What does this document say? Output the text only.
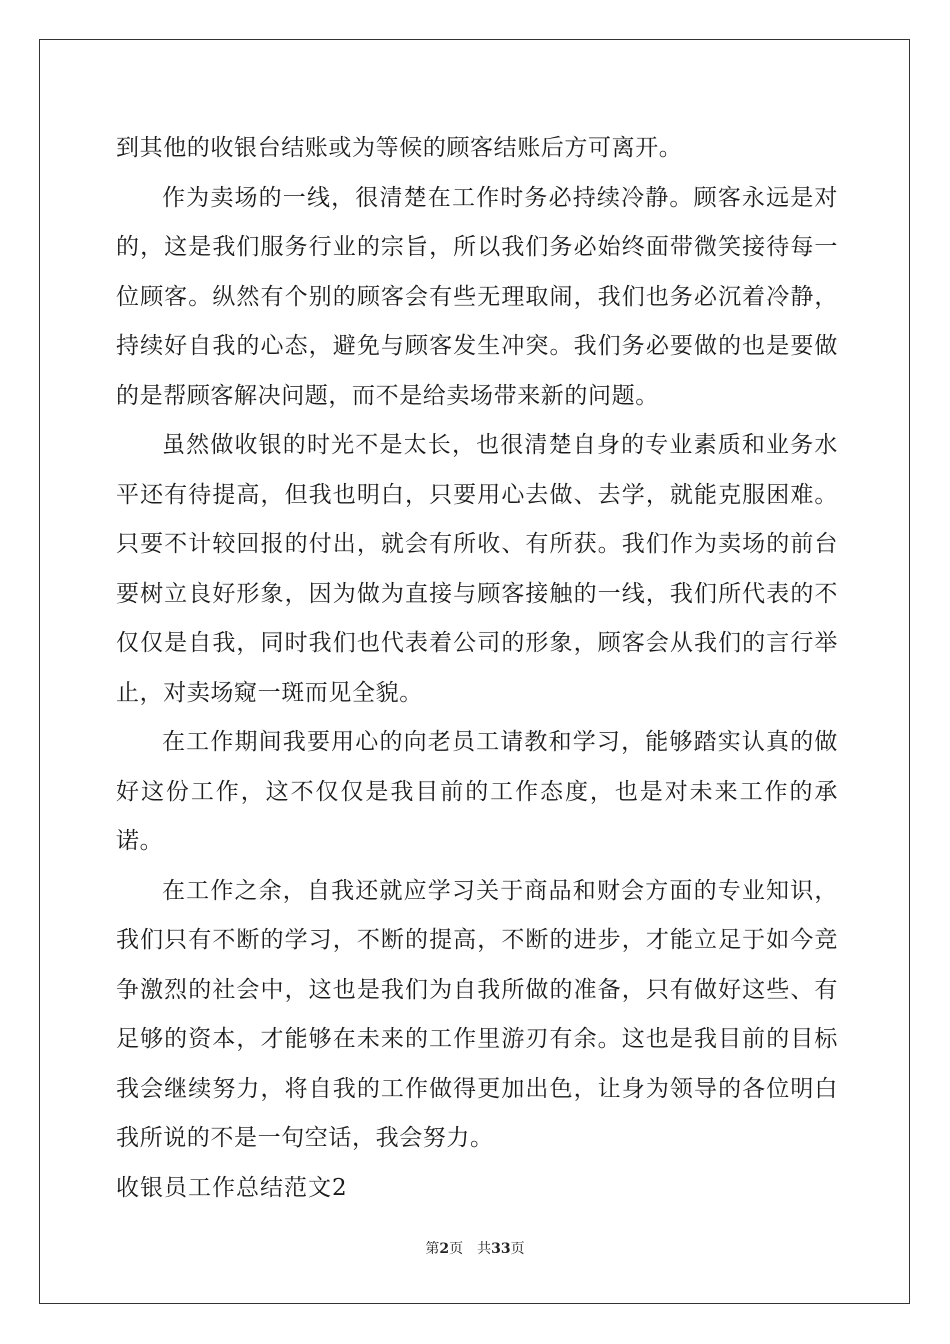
到其他的收银台结账或为等候的顾客结账后方可离开。

作为卖场的一线，很清楚在工作时务必持续冷静。顾客永远是对的，这是我们服务行业的宗旨，所以我们务必始终面带微笑接待每一位顾客。纵然有个别的顾客会有些无理取闹，我们也务必沉着冷静，持续好自我的心态，避免与顾客发生冲突。我们务必要做的也是要做的是帮顾客解决问题，而不是给卖场带来新的问题。

虽然做收银的时光不是太长，也很清楚自身的专业素质和业务水平还有待提高，但我也明白，只要用心去做、去学，就能克服困难。只要不计较回报的付出，就会有所收、有所获。我们作为卖场的前台要树立良好形象，因为做为直接与顾客接触的一线，我们所代表的不仅仅是自我，同时我们也代表着公司的形象，顾客会从我们的言行举止，对卖场窥一斑而见全貌。

在工作期间我要用心的向老员工请教和学习，能够踏实认真的做好这份工作，这不仅仅是我目前的工作态度，也是对未来工作的承诺。

在工作之余，自我还就应学习关于商品和财会方面的专业知识，我们只有不断的学习，不断的提高，不断的进步，才能立足于如今竞争激烈的社会中，这也是我们为自我所做的准备，只有做好这些、有足够的资本，才能够在未来的工作里游刃有余。这也是我目前的目标我会继续努力，将自我的工作做得更加出色，让身为领导的各位明白我所说的不是一句空话，我会努力。

收银员工作总结范文2

第2页 共33页
